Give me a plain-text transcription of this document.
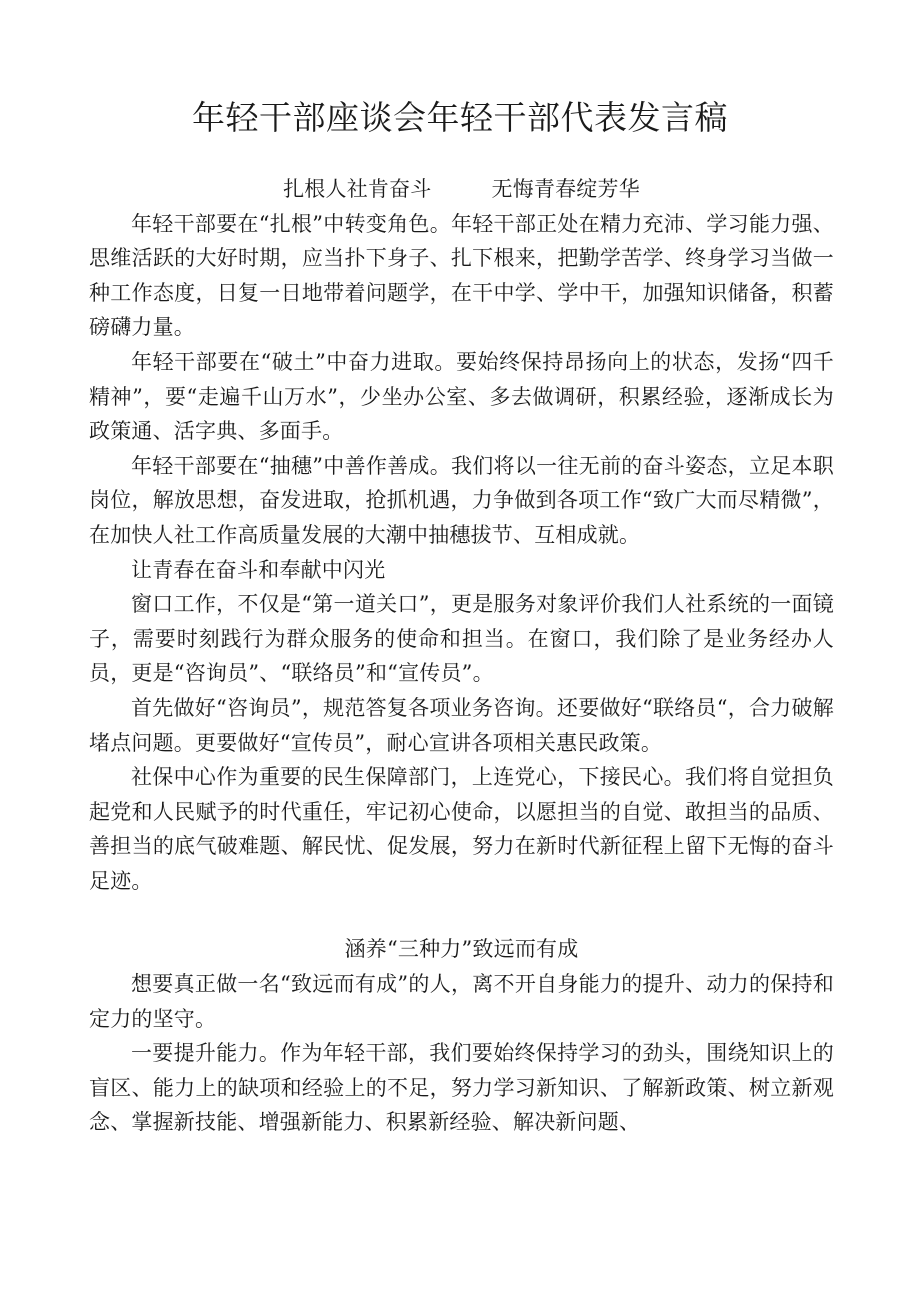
年轻干部座谈会年轻干部代表发言稿

扎根人社肯奋斗	无悔青春绽芳华

年轻干部要在“扎根”中转变角色。年轻干部正处在精力充沛、学习能力强、思维活跃的大好时期，应当扑下身子、扎下根来，把勤学苦学、终身学习当做一种工作态度，日复一日地带着问题学，在干中学、学中干，加强知识储备，积蓄磅礴力量。

年轻干部要在“破土”中奋力进取。要始终保持昂扬向上的状态，发扬“四千精神”，要“走遍千山万水”，少坐办公室、多去做调研，积累经验，逐渐成长为政策通、活字典、多面手。

年轻干部要在“抽穗”中善作善成。我们将以一往无前的奋斗姿态，立足本职岗位，解放思想，奋发进取，抢抓机遇，力争做到各项工作“致广大而尽精微”，在加快人社工作高质量发展的大潮中抽穗拔节、互相成就。

让青春在奋斗和奉献中闪光

窗口工作，不仅是“第一道关口”，更是服务对象评价我们人社系统的一面镜子，需要时刻践行为群众服务的使命和担当。在窗口，我们除了是业务经办人员，更是“咨询员”、“联络员”和“宣传员”。

首先做好“咨询员”，规范答复各项业务咨询。还要做好“联络员“，合力破解堵点问题。更要做好“宣传员”，耐心宣讲各项相关惠民政策。

社保中心作为重要的民生保障部门，上连党心，下接民心。我们将自觉担负起党和人民赋予的时代重任，牢记初心使命，以愿担当的自觉、敢担当的品质、善担当的底气破难题、解民忧、促发展，努力在新时代新征程上留下无悔的奋斗足迹。

涵养“三种力”致远而有成

想要真正做一名“致远而有成”的人，离不开自身能力的提升、动力的保持和定力的坚守。

一要提升能力。作为年轻干部，我们要始终保持学习的劲头，围绕知识上的盲区、能力上的缺项和经验上的不足，努力学习新知识、了解新政策、树立新观念、掌握新技能、增强新能力、积累新经验、解决新问题、
